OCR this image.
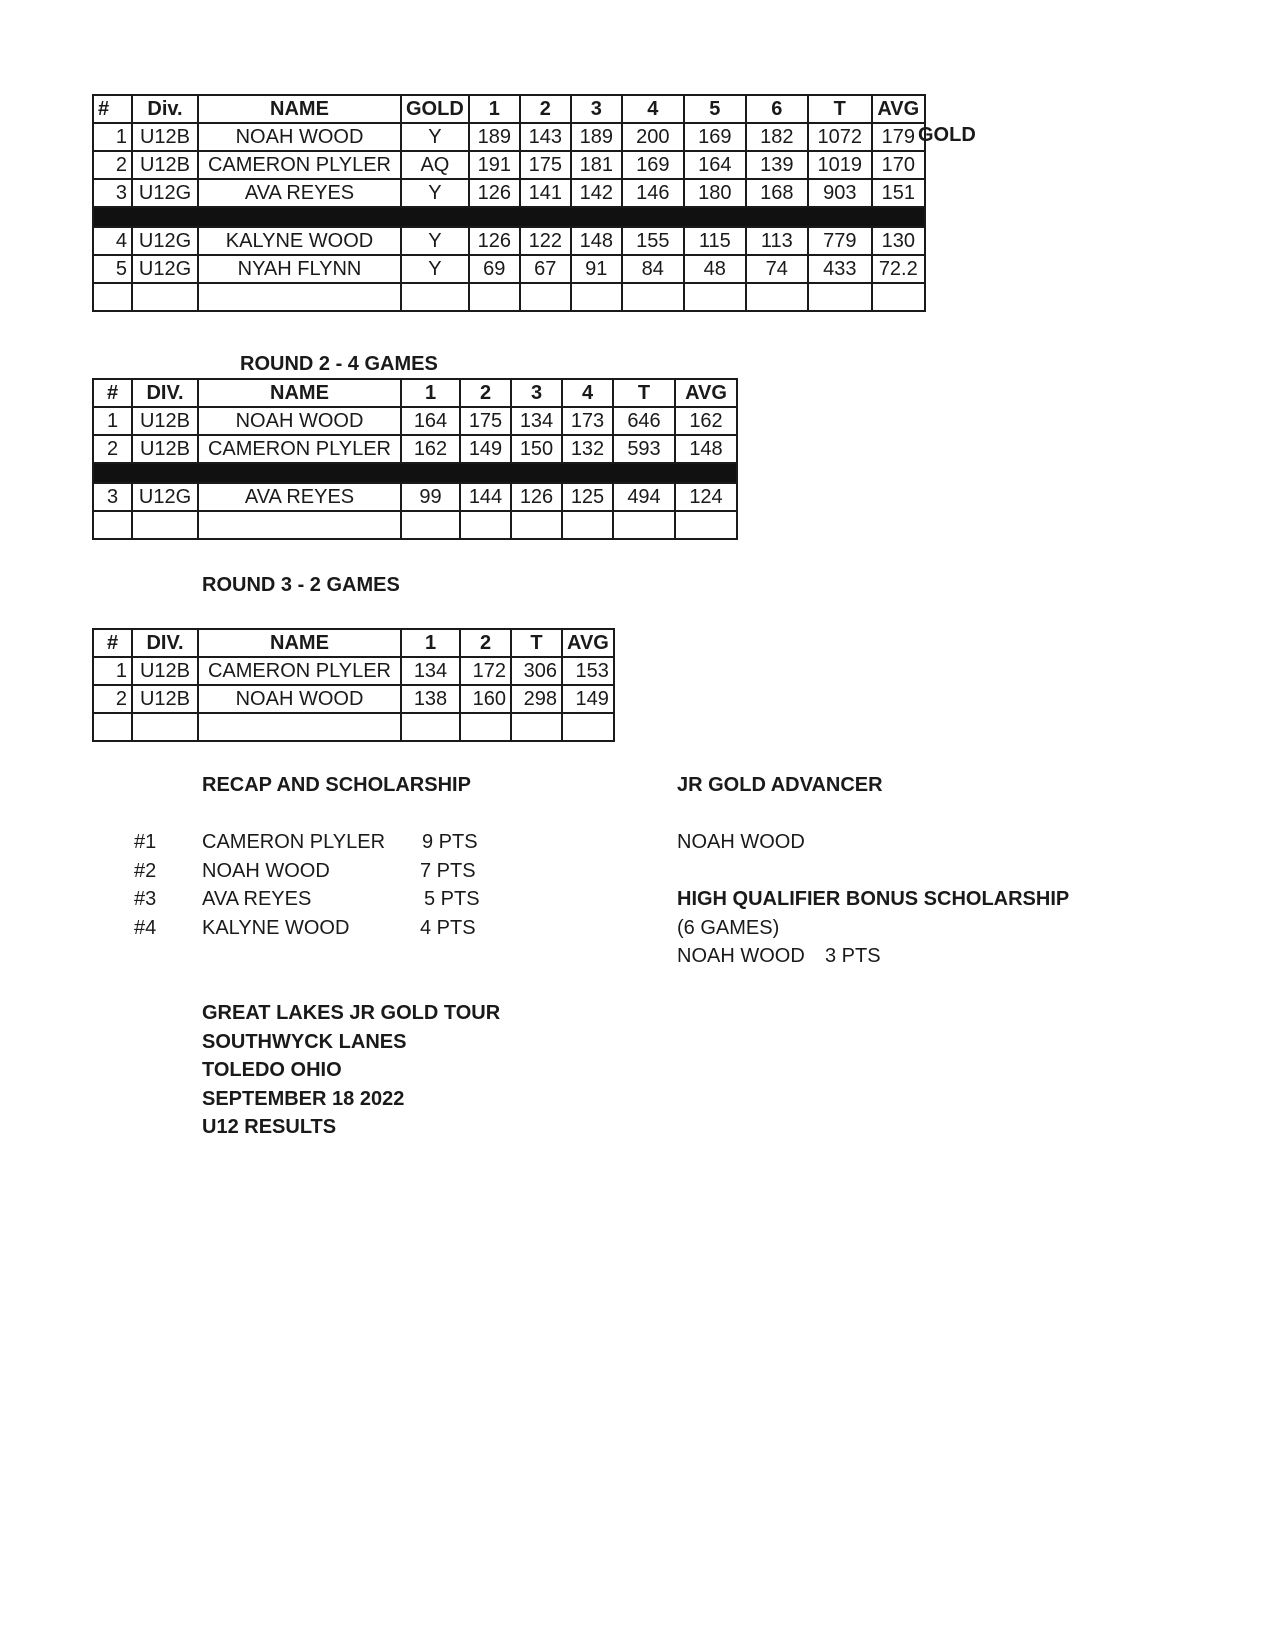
#	Div.	NAME	GOLD	1	2	3	4	5	6	T	AVG
1	U12B	NOAH WOOD	Y	189	143	189	200	169	182	1072	179
2	U12B	CAMERON PLYLER	AQ	191	175	181	169	164	139	1019	170
3	U12G	AVA REYES	Y	126	141	142	146	180	168	903	151

4	U12G	KALYNE WOOD	Y	126	122	148	155	115	113	779	130
5	U12G	NYAH FLYNN	Y	69	67	91	84	48	74	433	72.2

GOLD
ROUND 2 - 4 GAMES
#	DIV.	NAME	1	2	3	4	T	AVG
1	U12B	NOAH WOOD	164	175	134	173	646	162
2	U12B	CAMERON PLYLER	162	149	150	132	593	148

3	U12G	AVA REYES	99	144	126	125	494	124

ROUND 3 - 2 GAMES
#	DIV.	NAME	1	2	T	AVG
1	U12B	CAMERON PLYLER	134	172	306	153
2	U12B	NOAH WOOD	138	160	298	149

RECAP AND SCHOLARSHIP
#1 CAMERON PLYLER 9 PTS
#2 NOAH WOOD	7 PTS
#3 AVA REYES	5 PTS
#4 KALYNE WOOD	4 PTS
JR GOLD ADVANCER
NOAH WOOD
HIGH QUALIFIER BONUS SCHOLARSHIP
(6 GAMES)
NOAH WOOD 3 PTS
GREAT LAKES JR GOLD TOUR
SOUTHWYCK LANES
TOLEDO OHIO
SEPTEMBER 18 2022
U12 RESULTS
